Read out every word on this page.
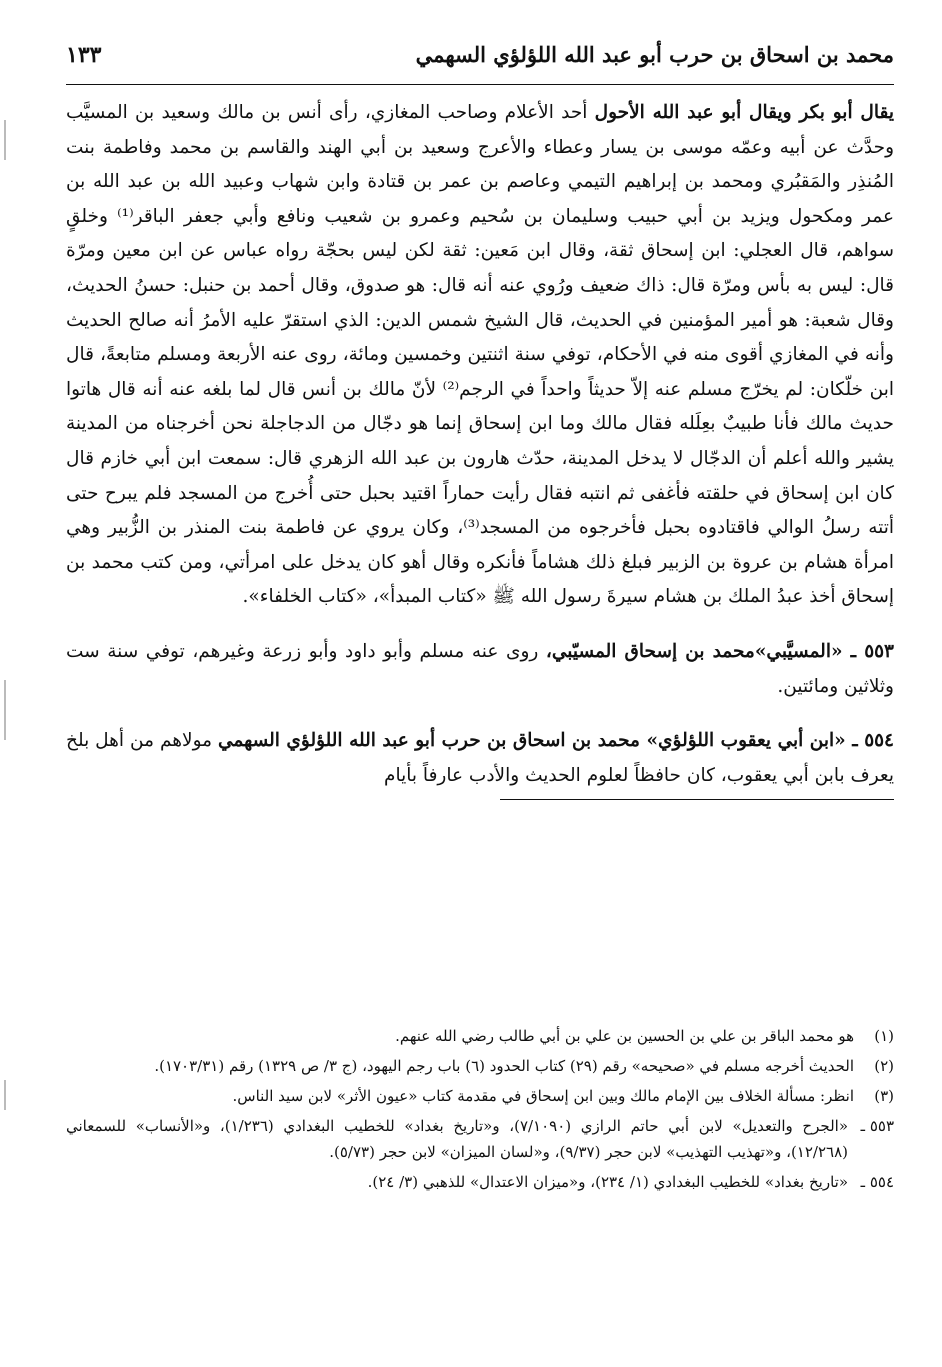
محمد بن اسحاق بن حرب أبو عبد الله اللؤلؤي السهمي
١٣٣

يقال أبو بكر ويقال أبو عبد الله الأحول أحد الأعلام وصاحب المغازي، رأى أنس بن مالك وسعيد بن المسيَّب وحدَّث عن أبيه وعمّه موسى بن يسار وعطاء والأعرج وسعيد بن أبي الهند والقاسم بن محمد وفاطمة بنت المُنذِر والمَقبُري ومحمد بن إبراهيم التيمي وعاصم بن عمر بن قتادة وابن شهاب وعبيد الله بن عبد الله بن عمر ومكحول ويزيد بن أبي حبيب وسليمان بن سُحيم وعمرو بن شعيب ونافع وأبي جعفر الباقر⁽¹⁾ وخلقٍ سواهم، قال العجلي: ابن إسحاق ثقة، وقال ابن مَعين: ثقة لكن ليس بحجّة رواه عباس عن ابن معين ومرّة قال: ليس به بأس ومرّة قال: ذاك ضعيف ورُوي عنه أنه قال: هو صدوق، وقال أحمد بن حنبل: حسنُ الحديث، وقال شعبة: هو أمير المؤمنين في الحديث، قال الشيخ شمس الدين: الذي استقرّ عليه الأمرُ أنه صالح الحديث وأنه في المغازي أقوى منه في الأحكام، توفي سنة اثنتين وخمسين ومائة، روى عنه الأربعة ومسلم متابعةً، قال ابن خلّكان: لم يخرّج مسلم عنه إلاّ حديثاً واحداً في الرجم⁽²⁾ لأنّ مالك بن أنس قال لما بلغه عنه أنه قال هاتوا حديث مالك فأنا طبيبٌ بعِلَله فقال مالك وما ابن إسحاق إنما هو دجّال من الدجاجلة نحن أخرجناه من المدينة يشير والله أعلم أن الدجّال لا يدخل المدينة، حدّث هارون بن عبد الله الزهري قال: سمعت ابن أبي خازم قال كان ابن إسحاق في حلقته فأغفى ثم انتبه فقال رأيت حماراً اقتيد بحبل حتى أُخرج من المسجد فلم يبرح حتى أتته رسلُ الوالي فاقتادوه بحبل فأخرجوه من المسجد⁽³⁾، وكان يروي عن فاطمة بنت المنذر بن الزُّبير وهي امرأة هشام بن عروة بن الزبير فبلغ ذلك هشاماً فأنكره وقال أهو كان يدخل على امرأتي، ومن كتب محمد بن إسحاق أخذ عبدُ الملك بن هشام سيرةَ رسول الله ﷺ «كتاب المبدأ»، «كتاب الخلفاء».

٥٥٣ ـ «المسيَّبي»محمد بن إسحاق المسيّبي، روى عنه مسلم وأبو داود وأبو زرعة وغيرهم، توفي سنة ست وثلاثين ومائتين.

٥٥٤ ـ «ابن أبي يعقوب اللؤلؤي» محمد بن اسحاق بن حرب أبو عبد الله اللؤلؤي السهمي مولاهم من أهل بلخ يعرف بابن أبي يعقوب، كان حافظاً لعلوم الحديث والأدب عارفاً بأيام

(١)
هو محمد الباقر بن علي بن الحسين بن علي بن أبي طالب رضي الله عنهم.
(٢)
الحديث أخرجه مسلم في «صحيحه» رقم (٢٩) كتاب الحدود (٦) باب رجم اليهود، (ج ٣/ ص ١٣٢٩) رقم (١٧٠٣/٣١).
(٣)
انظر: مسألة الخلاف بين الإمام مالك وبين ابن إسحاق في مقدمة كتاب «عيون الأثر» لابن سيد الناس.
٥٥٣ ـ
«الجرح والتعديل» لابن أبي حاتم الرازي (٧/١٠٩٠)، و«تاريخ بغداد» للخطيب البغدادي (١/٢٣٦)، و«الأنساب» للسمعاني (١٢/٢٦٨)، و«تهذيب التهذيب» لابن حجر (٩/٣٧)، و«لسان الميزان» لابن حجر (٥/٧٣).
٥٥٤ ـ
«تاريخ بغداد» للخطيب البغدادي (١/ ٢٣٤)، و«ميزان الاعتدال» للذهبي (٣/ ٢٤).
